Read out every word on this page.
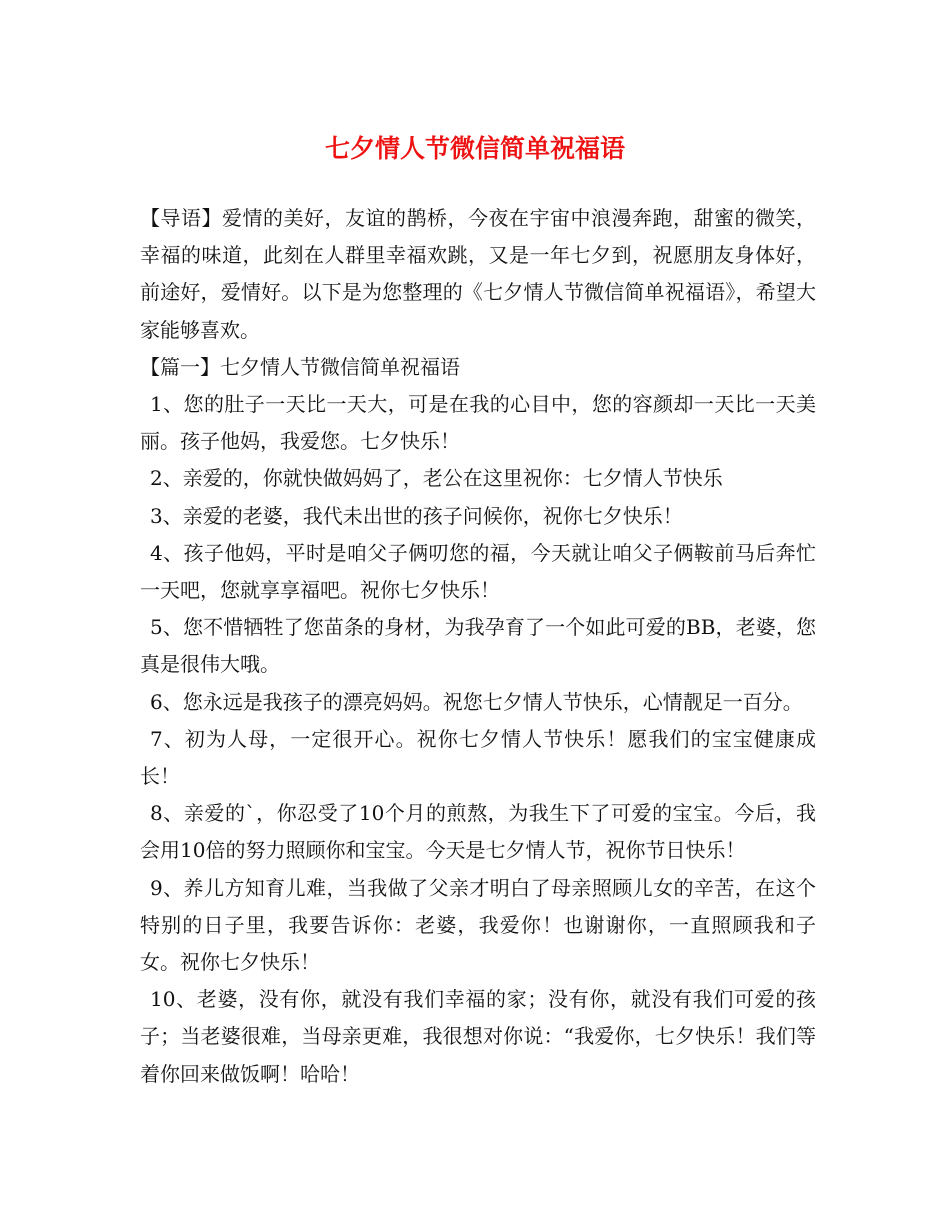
七夕情人节微信简单祝福语

【导语】爱情的美好，友谊的鹊桥，今夜在宇宙中浪漫奔跑，甜蜜的微笑，幸福的味道，此刻在人群里幸福欢跳，又是一年七夕到，祝愿朋友身体好，前途好，爱情好。以下是为您整理的《七夕情人节微信简单祝福语》，希望大家能够喜欢。

【篇一】七夕情人节微信简单祝福语

1、您的肚子一天比一天大，可是在我的心目中，您的容颜却一天比一天美丽。孩子他妈，我爱您。七夕快乐！

2、亲爱的，你就快做妈妈了，老公在这里祝你：七夕情人节快乐

3、亲爱的老婆，我代未出世的孩子问候你，祝你七夕快乐！

4、孩子他妈，平时是咱父子俩叨您的福，今天就让咱父子俩鞍前马后奔忙一天吧，您就享享福吧。祝你七夕快乐！

5、您不惜牺牲了您苗条的身材，为我孕育了一个如此可爱的BB，老婆，您真是很伟大哦。

6、您永远是我孩子的漂亮妈妈。祝您七夕情人节快乐，心情靓足一百分。

7、初为人母，一定很开心。祝你七夕情人节快乐！愿我们的宝宝健康成长！

8、亲爱的`，你忍受了10个月的煎熬，为我生下了可爱的宝宝。今后，我会用10倍的努力照顾你和宝宝。今天是七夕情人节，祝你节日快乐！

9、养儿方知育儿难，当我做了父亲才明白了母亲照顾儿女的辛苦，在这个特别的日子里，我要告诉你：老婆，我爱你！也谢谢你，一直照顾我和子女。祝你七夕快乐！

10、老婆，没有你，就没有我们幸福的家；没有你，就没有我们可爱的孩子；当老婆很难，当母亲更难，我很想对你说：“我爱你，七夕快乐！我们等着你回来做饭啊！哈哈！
